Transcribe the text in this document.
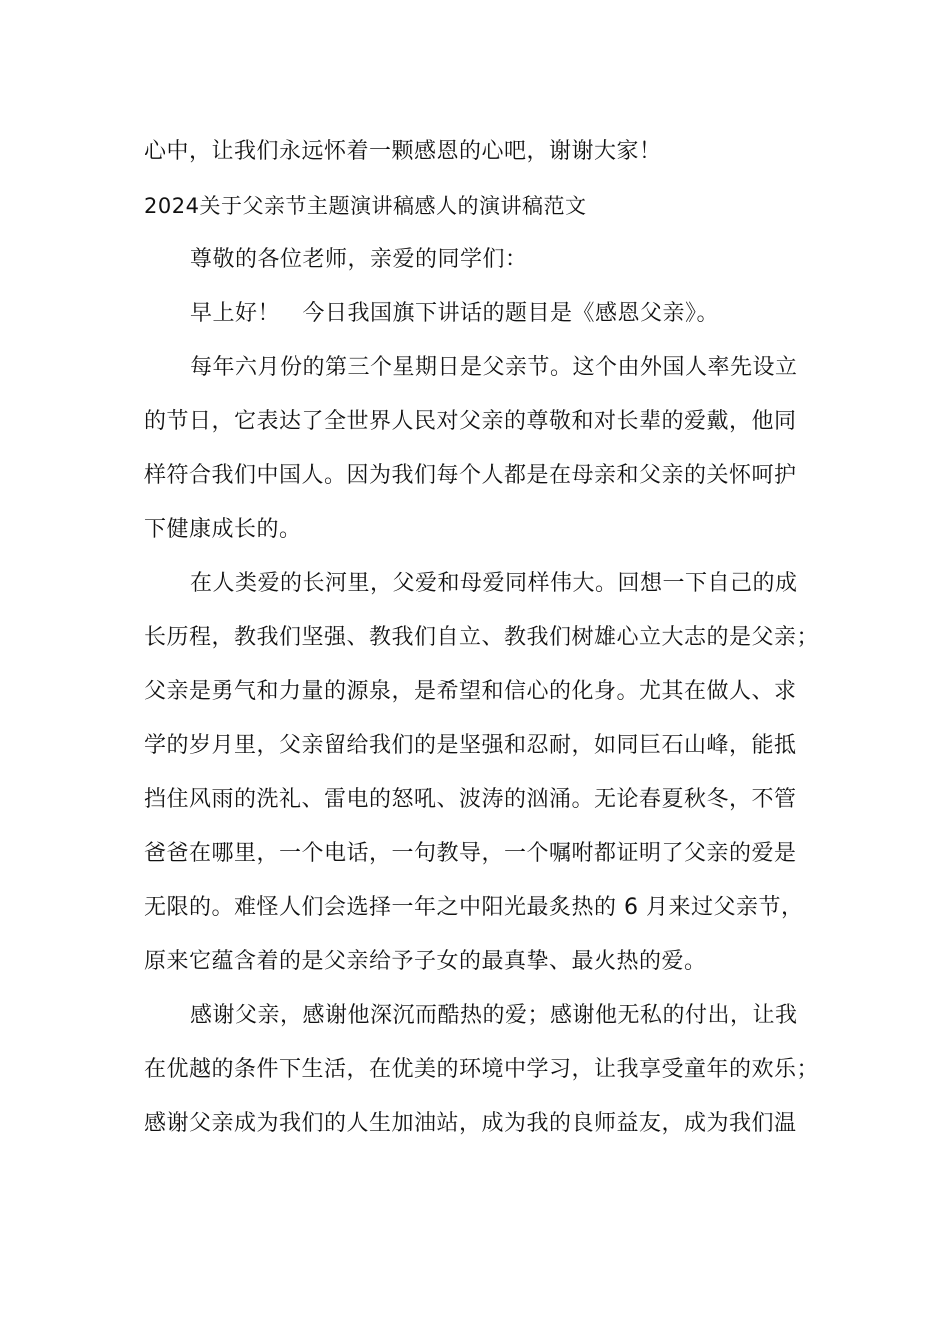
心中，让我们永远怀着一颗感恩的心吧，谢谢大家！
2024关于父亲节主题演讲稿感人的演讲稿范文
尊敬的各位老师，亲爱的同学们：
早上好！　今日我国旗下讲话的题目是《感恩父亲》。
每年六月份的第三个星期日是父亲节。这个由外国人率先设立
的节日，它表达了全世界人民对父亲的尊敬和对长辈的爱戴，他同
样符合我们中国人。因为我们每个人都是在母亲和父亲的关怀呵护
下健康成长的。
在人类爱的长河里，父爱和母爱同样伟大。回想一下自己的成
长历程，教我们坚强、教我们自立、教我们树雄心立大志的是父亲；
父亲是勇气和力量的源泉，是希望和信心的化身。尤其在做人、求
学的岁月里，父亲留给我们的是坚强和忍耐，如同巨石山峰，能抵
挡住风雨的洗礼、雷电的怒吼、波涛的汹涌。无论春夏秋冬，不管
爸爸在哪里，一个电话，一句教导，一个嘱咐都证明了父亲的爱是
无限的。难怪人们会选择一年之中阳光最炙热的 6 月来过父亲节，
原来它蕴含着的是父亲给予子女的最真挚、最火热的爱。
感谢父亲，感谢他深沉而酷热的爱；感谢他无私的付出，让我
在优越的条件下生活，在优美的环境中学习，让我享受童年的欢乐；
感谢父亲成为我们的人生加油站，成为我的良师益友，成为我们温
